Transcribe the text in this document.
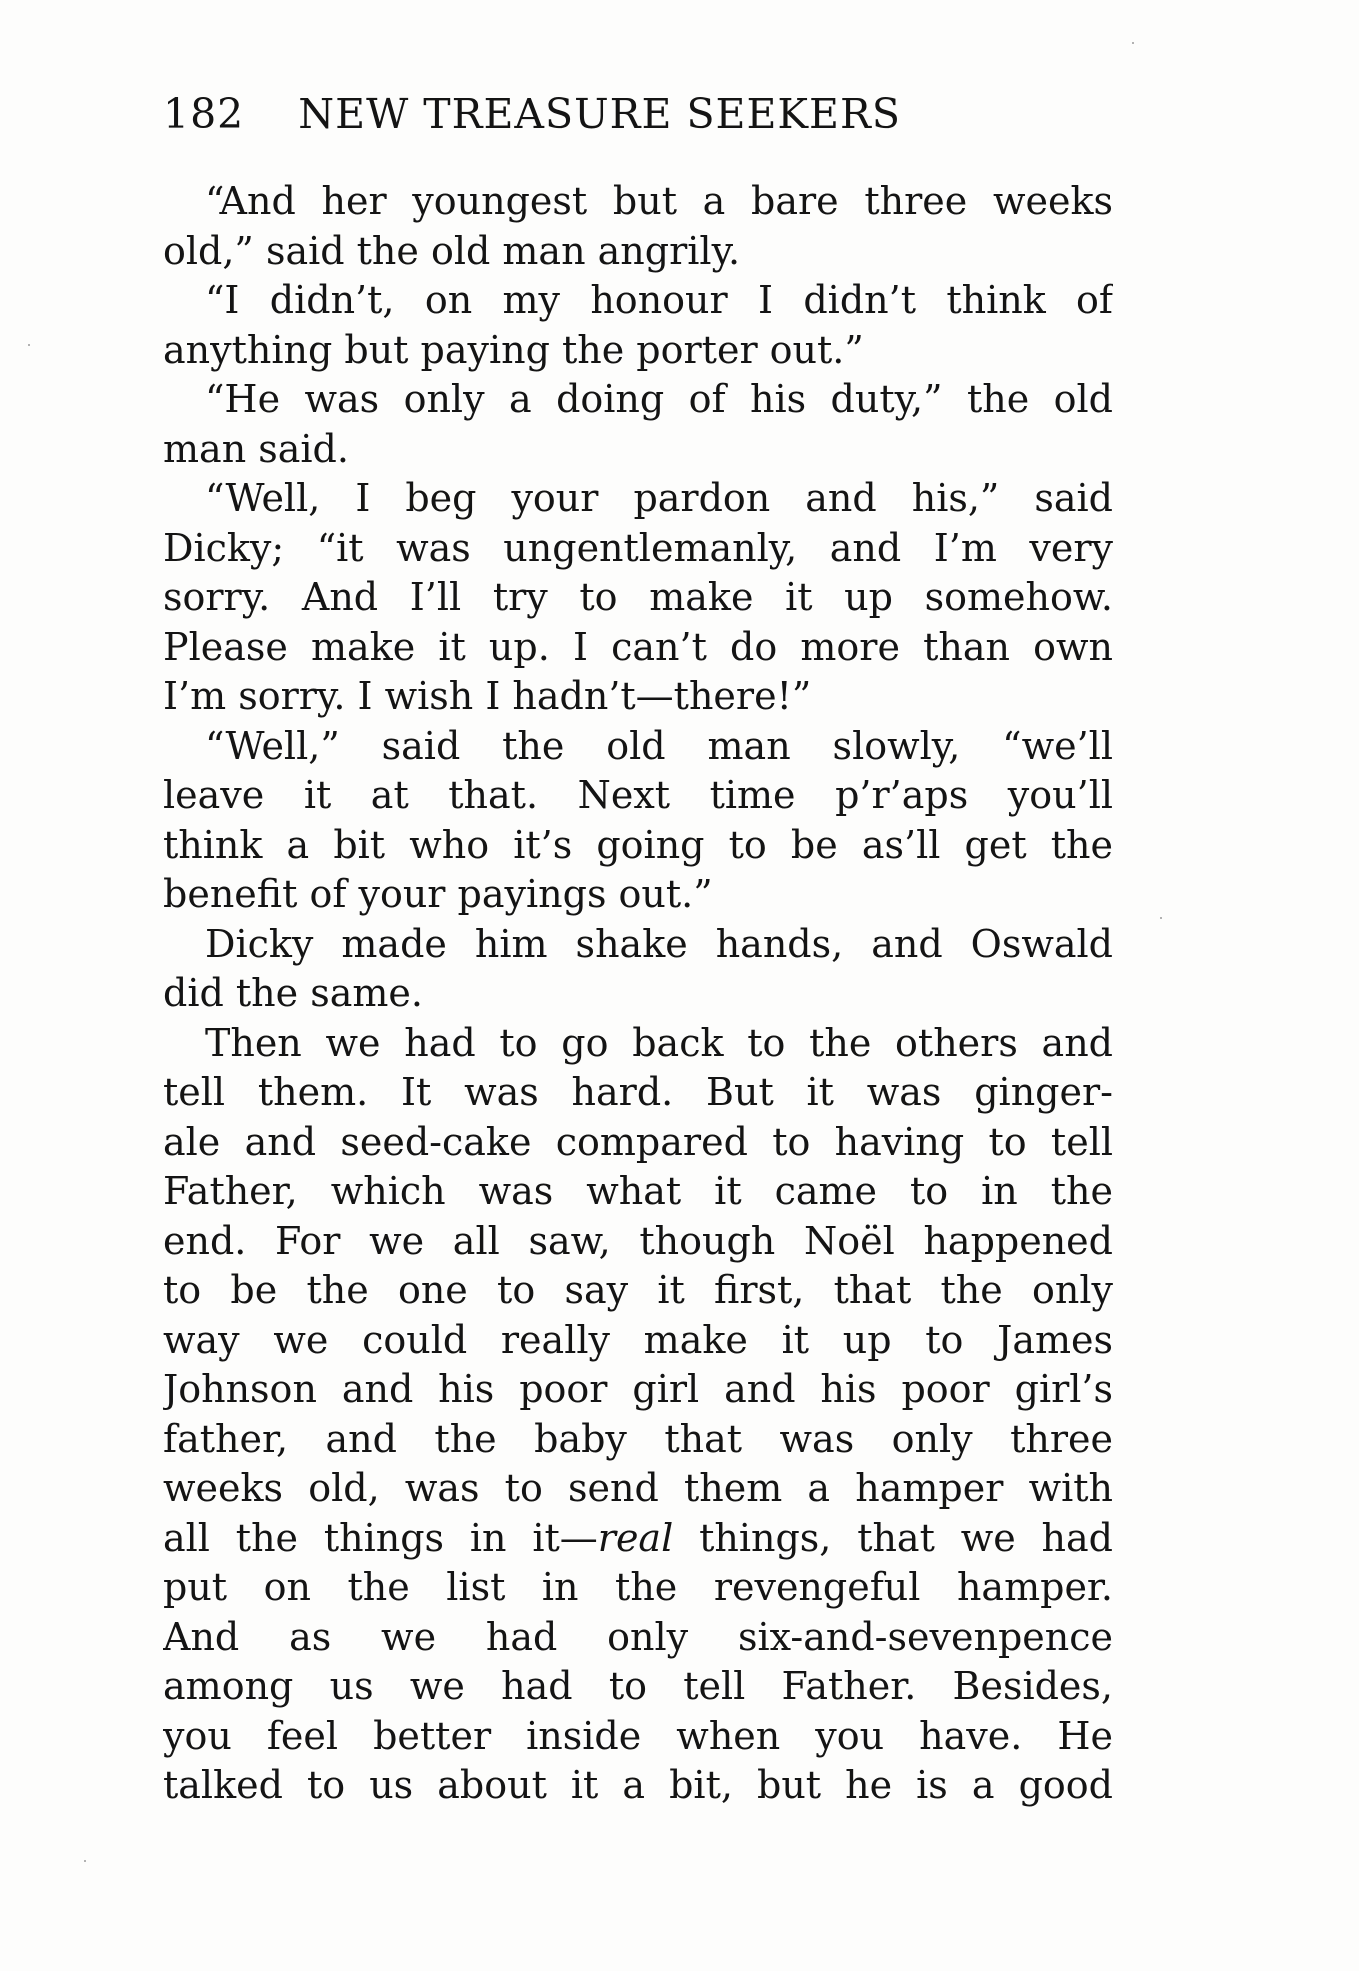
182 NEW TREASURE SEEKERS
“And her youngest but a bare three weeks
old,” said the old man angrily.
“I didn’t, on my honour I didn’t think of
anything but paying the porter out.”
“He was only a doing of his duty,” the old
man said.
“Well, I beg your pardon and his,” said
Dicky; “it was ungentlemanly, and I’m very
sorry. And I’ll try to make it up somehow.
Please make it up. I can’t do more than own
I’m sorry. I wish I hadn’t—there!”
“Well,” said the old man slowly, “we’ll
leave it at that. Next time p’r’aps you’ll
think a bit who it’s going to be as’ll get the
benefit of your payings out.”
Dicky made him shake hands, and Oswald
did the same.
Then we had to go back to the others and
tell them. It was hard. But it was ginger-
ale and seed-cake compared to having to tell
Father, which was what it came to in the
end. For we all saw, though Noël happened
to be the one to say it first, that the only
way we could really make it up to James
Johnson and his poor girl and his poor girl’s
father, and the baby that was only three
weeks old, was to send them a hamper with
all the things in it—real things, that we had
put on the list in the revengeful hamper.
And as we had only six-and-sevenpence
among us we had to tell Father. Besides,
you feel better inside when you have. He
talked to us about it a bit, but he is a good
